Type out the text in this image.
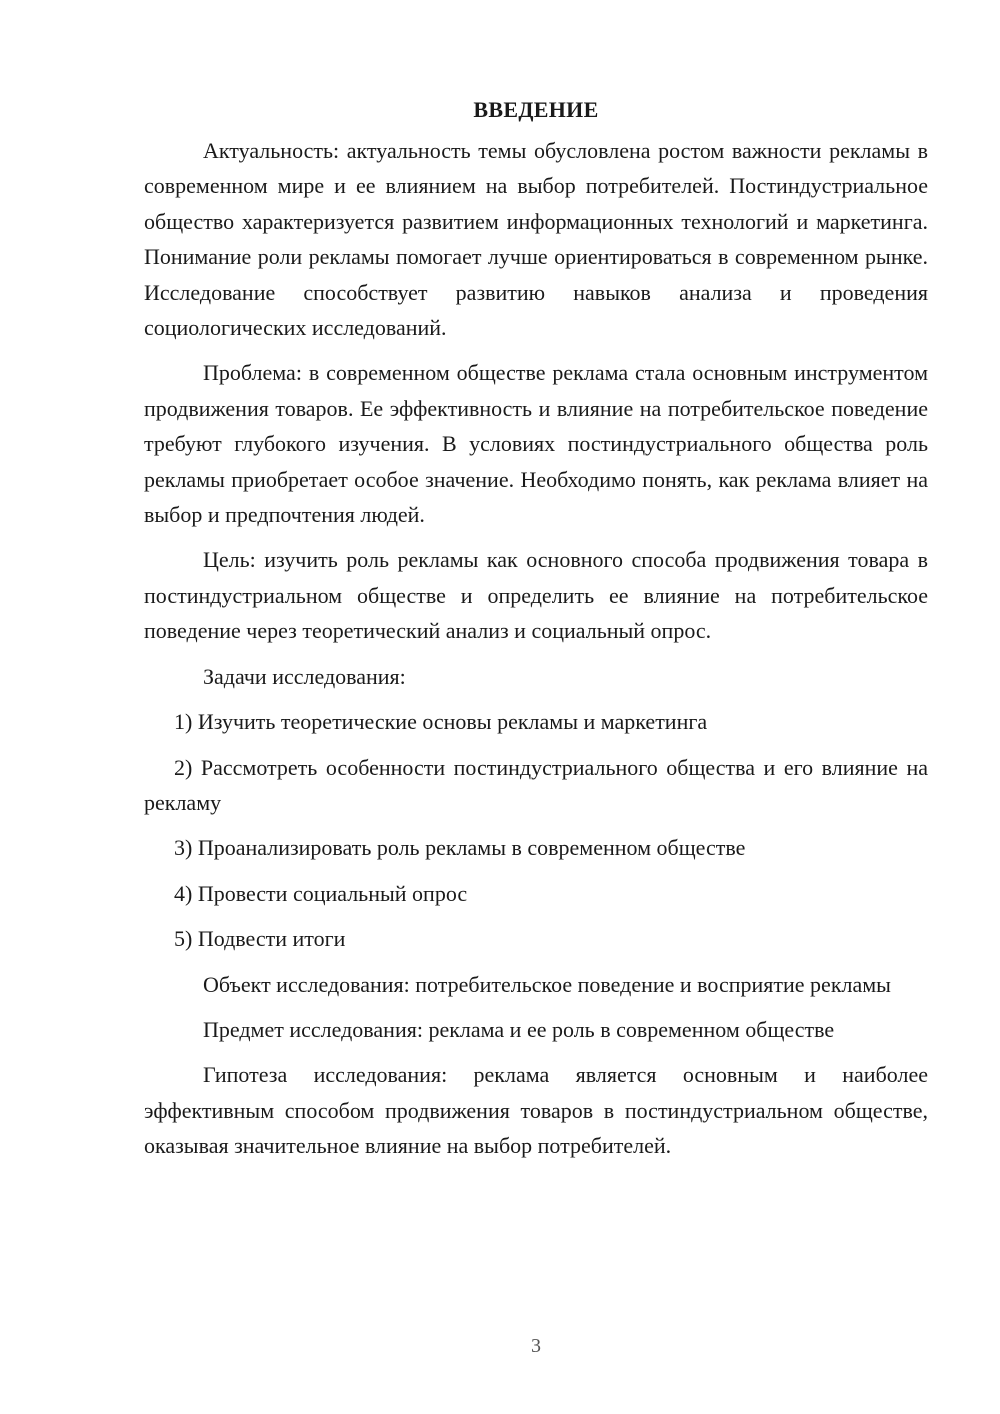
ВВЕДЕНИЕ

Актуальность: актуальность темы обусловлена ростом важности рекламы в современном мире и ее влиянием на выбор потребителей. Постиндустриальное общество характеризуется развитием информационных технологий и маркетинга. Понимание роли рекламы помогает лучше ориентироваться в современном рынке. Исследование способствует развитию навыков анализа и проведения социологических исследований.

Проблема: в современном обществе реклама стала основным инструментом продвижения товаров. Ее эффективность и влияние на потребительское поведение требуют глубокого изучения. В условиях постиндустриального общества роль рекламы приобретает особое значение. Необходимо понять, как реклама влияет на выбор и предпочтения людей.

Цель: изучить роль рекламы как основного способа продвижения товара в постиндустриальном обществе и определить ее влияние на потребительское поведение через теоретический анализ и социальный опрос.

Задачи исследования:

1) Изучить теоретические основы рекламы и маркетинга

2) Рассмотреть особенности постиндустриального общества и его влияние на рекламу

3) Проанализировать роль рекламы в современном обществе

4) Провести социальный опрос

5) Подвести итоги

Объект исследования: потребительское поведение и восприятие рекламы

Предмет исследования: реклама и ее роль в современном обществе

Гипотеза исследования: реклама является основным и наиболее эффективным способом продвижения товаров в постиндустриальном обществе, оказывая значительное влияние на выбор потребителей.

3
